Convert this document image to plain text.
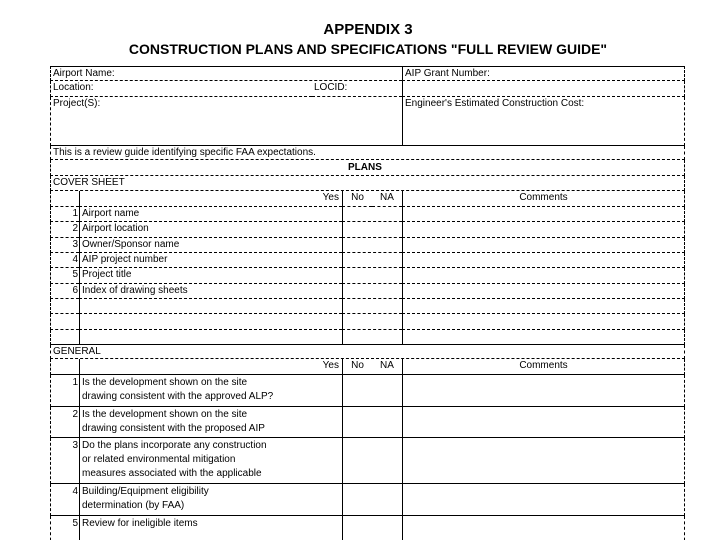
APPENDIX 3
CONSTRUCTION PLANS AND SPECIFICATIONS "FULL REVIEW GUIDE"
Airport Name:	AIP Grant Number:
Location:	LOCID:
Project(S):	Engineer's Estimated Construction Cost:
This is a review guide identifying specific FAA expectations.
PLANS
COVER SHEET
Yes	No	NA	Comments
1 Airport name
2 Airport location
3 Owner/Sponsor name
4 AIP project number
5 Project title
6 Index of drawing sheets
GENERAL
Yes	No	NA	Comments
1 Is the development shown on the site
drawing consistent with the approved ALP?
2 Is the development shown on the site
drawing consistent with the proposed AIP
3 Do the plans incorporate any construction
or related environmental mitigation
measures associated with the applicable
4 Building/Equipment eligibility
determination (by FAA)
5 Review for ineligible items
